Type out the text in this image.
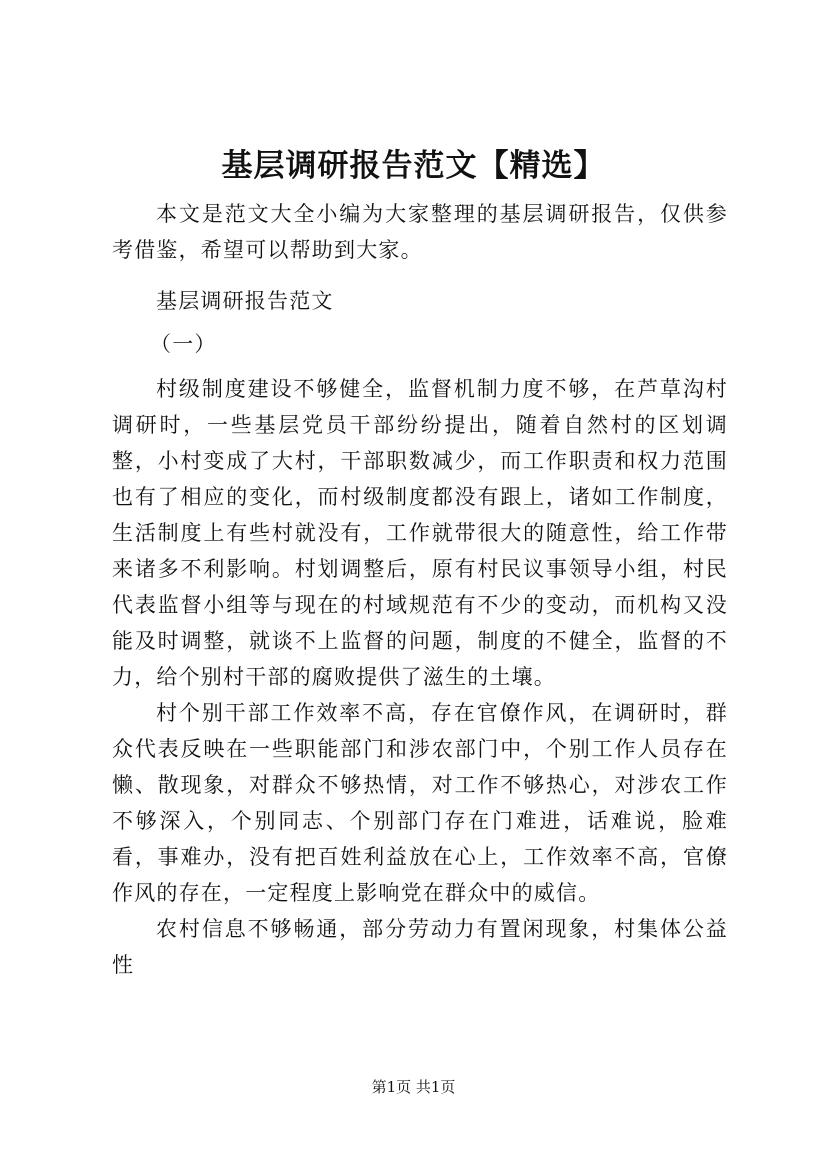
基层调研报告范文【精选】

本文是范文大全小编为大家整理的基层调研报告，仅供参考借鉴，希望可以帮助到大家。

基层调研报告范文

（一）

村级制度建设不够健全，监督机制力度不够，在芦草沟村调研时，一些基层党员干部纷纷提出，随着自然村的区划调整，小村变成了大村，干部职数减少，而工作职责和权力范围也有了相应的变化，而村级制度都没有跟上，诸如工作制度，生活制度上有些村就没有，工作就带很大的随意性，给工作带来诸多不利影响。村划调整后，原有村民议事领导小组，村民代表监督小组等与现在的村域规范有不少的变动，而机构又没能及时调整，就谈不上监督的问题，制度的不健全，监督的不力，给个别村干部的腐败提供了滋生的土壤。

村个别干部工作效率不高，存在官僚作风，在调研时，群众代表反映在一些职能部门和涉农部门中，个别工作人员存在懒、散现象，对群众不够热情，对工作不够热心，对涉农工作不够深入，个别同志、个别部门存在门难进，话难说，脸难看，事难办，没有把百姓利益放在心上，工作效率不高，官僚作风的存在，一定程度上影响党在群众中的威信。

农村信息不够畅通，部分劳动力有置闲现象，村集体公益性

第1页 共1页
